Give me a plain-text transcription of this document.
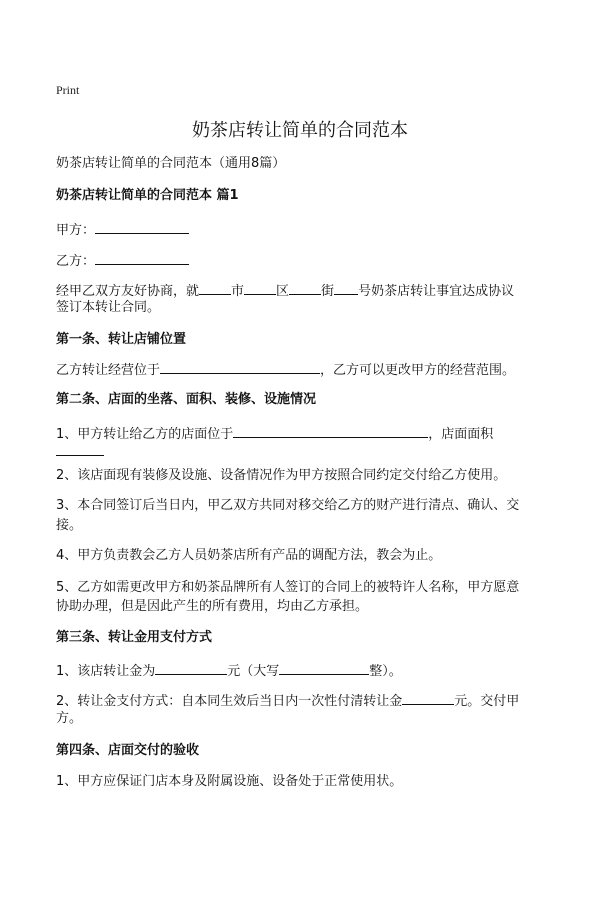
Print
奶茶店转让简单的合同范本
奶茶店转让简单的合同范本（通用8篇）
奶茶店转让简单的合同范本 篇1
甲方：
乙方：
经甲乙双方友好协商，就 市 区 街 号奶茶店转让事宜达成协议
签订本转让合同。
第一条、转让店铺位置
乙方转让经营位于	，乙方可以更改甲方的经营范围。
第二条、店面的坐落、面积、装修、设施情况
1、甲方转让给乙方的店面位于	，店面面积
2、该店面现有装修及设施、设备情况作为甲方按照合同约定交付给乙方使用。
3、本合同签订后当日内，甲乙双方共同对移交给乙方的财产进行清点、确认、交
接。
4、甲方负责教会乙方人员奶茶店所有产品的调配方法，教会为止。
5、乙方如需更改甲方和奶茶品牌所有人签订的合同上的被特许人名称，甲方愿意
协助办理，但是因此产生的所有费用，均由乙方承担。
第三条、转让金用支付方式
1、该店转让金为	元（大写	整）。
2、转让金支付方式：自本同生效后当日内一次性付清转让金	元。交付甲
方。
第四条、店面交付的验收
1、甲方应保证门店本身及附属设施、设备处于正常使用状。
